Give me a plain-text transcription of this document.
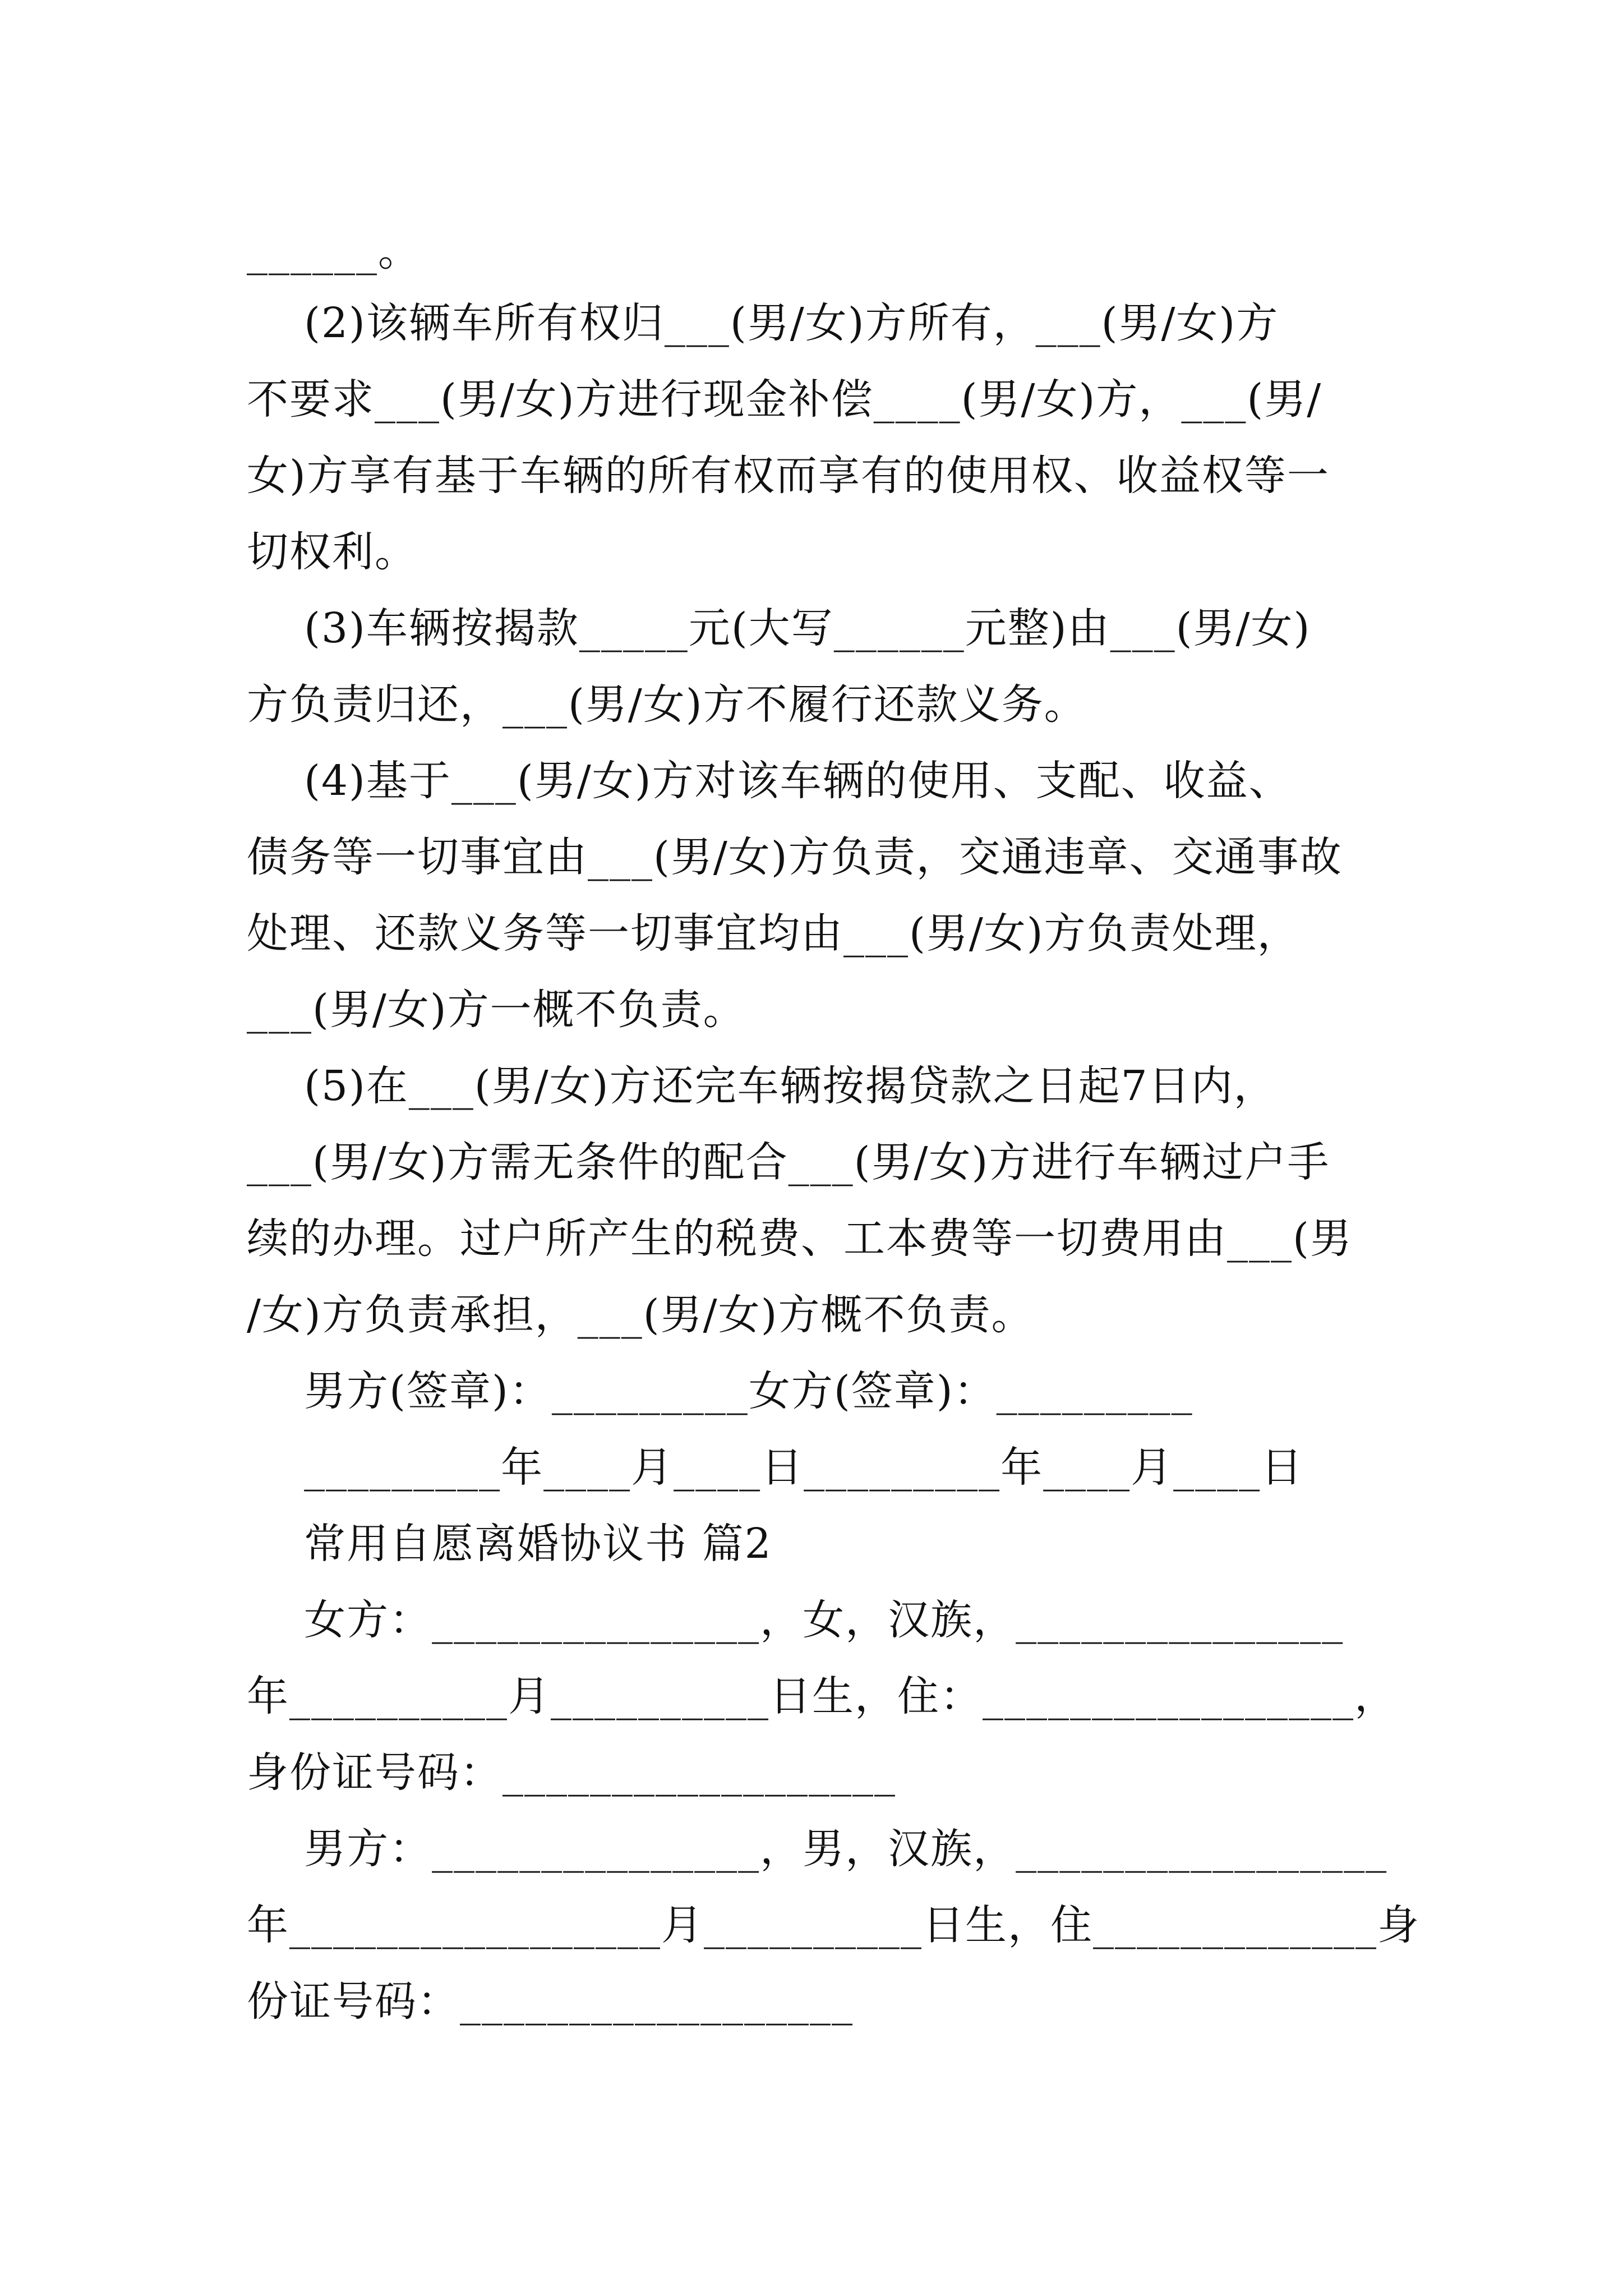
______。
(2)该辆车所有权归___(男/女)方所有，___(男/女)方
不要求___(男/女)方进行现金补偿____(男/女)方，___(男/
女)方享有基于车辆的所有权而享有的使用权、收益权等一
切权利。
(3)车辆按揭款_____元(大写______元整)由___(男/女)
方负责归还，___(男/女)方不履行还款义务。
(4)基于___(男/女)方对该车辆的使用、支配、收益、
债务等一切事宜由___(男/女)方负责，交通违章、交通事故
处理、还款义务等一切事宜均由___(男/女)方负责处理，
___(男/女)方一概不负责。
(5)在___(男/女)方还完车辆按揭贷款之日起7日内，
___(男/女)方需无条件的配合___(男/女)方进行车辆过户手
续的办理。过户所产生的税费、工本费等一切费用由___(男
/女)方负责承担，___(男/女)方概不负责。
男方(签章)：_________女方(签章)：_________
_________年____月____日_________年____月____日
常用自愿离婚协议书 篇2
女方：_______________，女，汉族，_______________
年__________月__________日生，住：_________________，
身份证号码：__________________
男方：_______________，男，汉族，_________________
年_________________月__________日生，住_____________身
份证号码：__________________
